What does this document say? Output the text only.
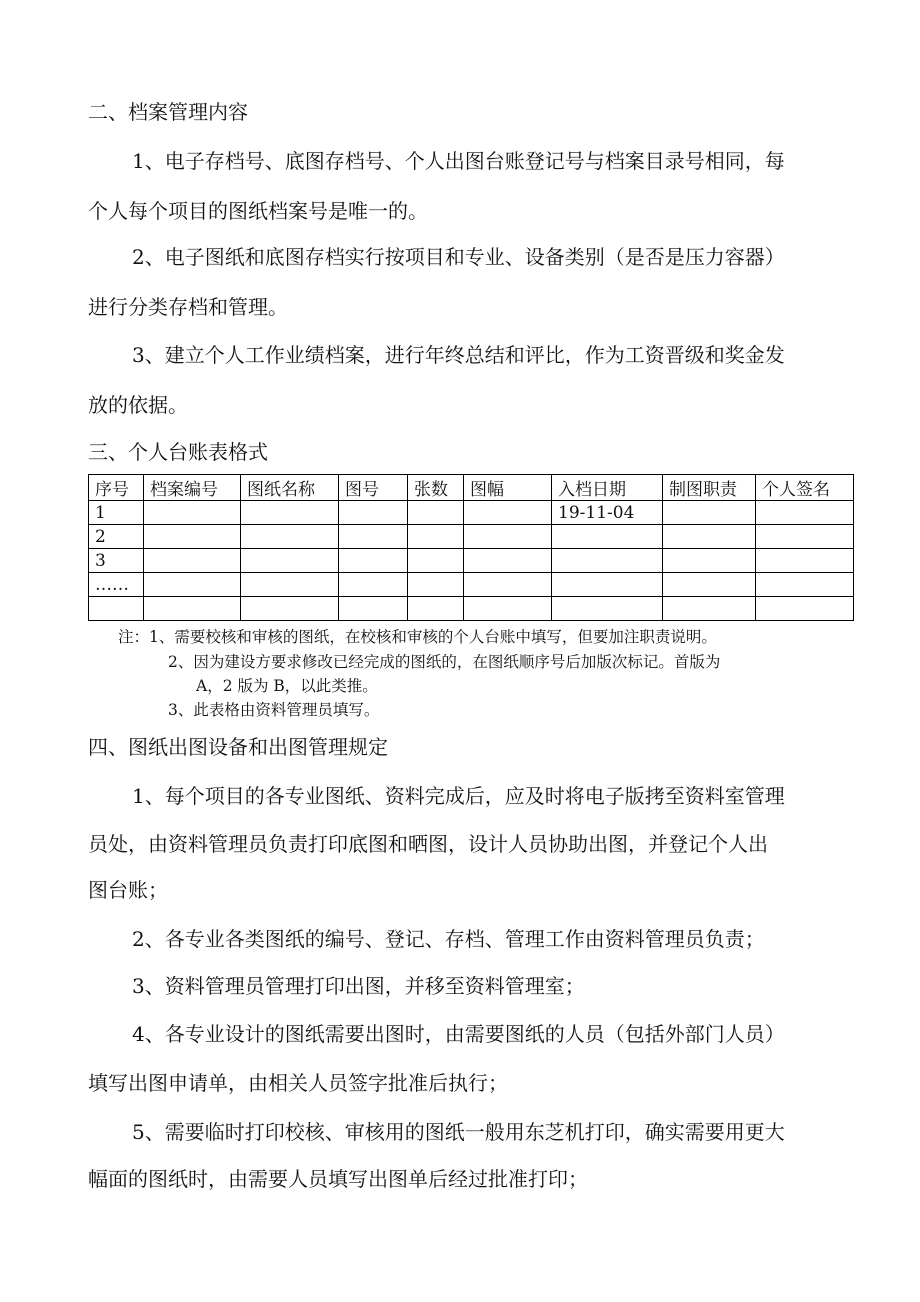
二、档案管理内容
1、电子存档号、底图存档号、个人出图台账登记号与档案目录号相同，每
个人每个项目的图纸档案号是唯一的。
2、电子图纸和底图存档实行按项目和专业、设备类别（是否是压力容器）
进行分类存档和管理。
3、建立个人工作业绩档案，进行年终总结和评比，作为工资晋级和奖金发
放的依据。
三、个人台账表格式
序号	档案编号	图纸名称	图号	张数	图幅	入档日期	制图职责	个人签名
1						19-11-04		
2								
3								
……								

注：1、需要校核和审核的图纸，在校核和审核的个人台账中填写，但要加注职责说明。
2、因为建设方要求修改已经完成的图纸的，在图纸顺序号后加版次标记。首版为
A，2 版为 B，以此类推。
3、此表格由资料管理员填写。
四、图纸出图设备和出图管理规定
1、每个项目的各专业图纸、资料完成后，应及时将电子版拷至资料室管理
员处，由资料管理员负责打印底图和晒图，设计人员协助出图，并登记个人出
图台账；
2、各专业各类图纸的编号、登记、存档、管理工作由资料管理员负责；
3、资料管理员管理打印出图，并移至资料管理室；
4、各专业设计的图纸需要出图时，由需要图纸的人员（包括外部门人员）
填写出图申请单，由相关人员签字批准后执行；
5、需要临时打印校核、审核用的图纸一般用东芝机打印，确实需要用更大
幅面的图纸时，由需要人员填写出图单后经过批准打印；
